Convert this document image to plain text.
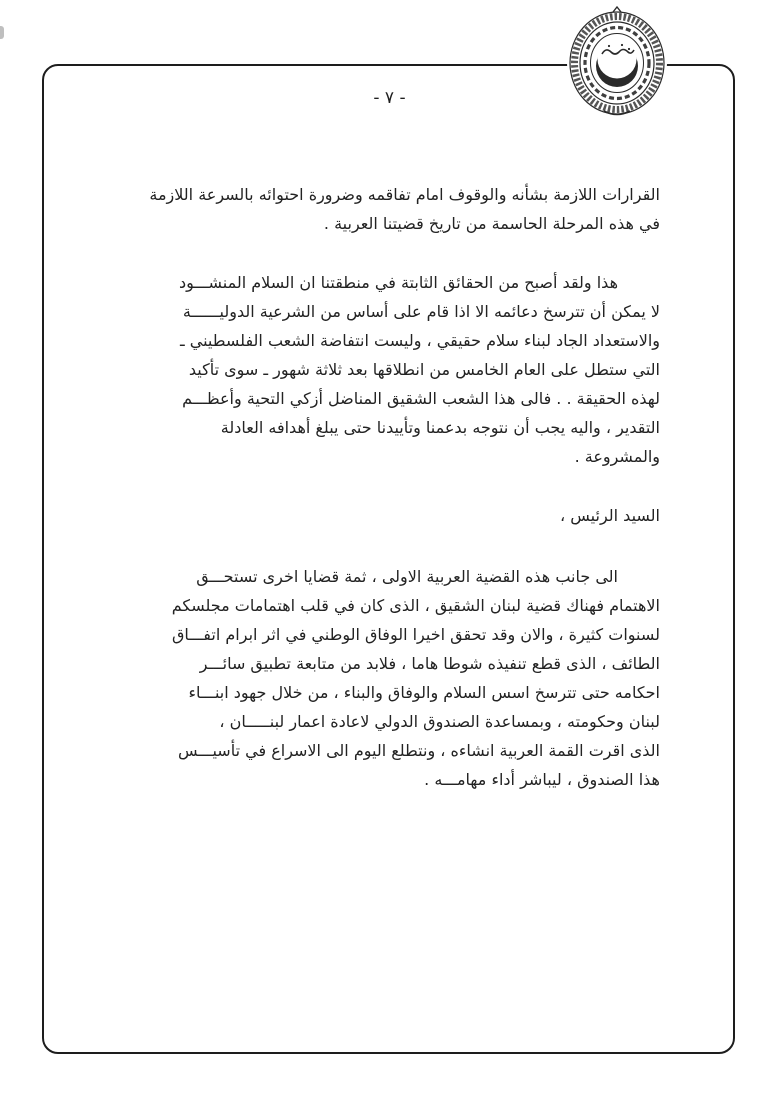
- ٧ -
القرارات اللازمة بشأنه والوقوف امام تفاقمه وضرورة احتوائه بالسرعة اللازمة
في هذه المرحلة الحاسمة من تاريخ قضيتنا العربية .
هذا ولقد أصبح من الحقائق الثابتة في منطقتنا ان السلام المنشـــود
لا يمكن أن تترسخ دعائمه الا اذا قام على أساس من الشرعية الدوليــــــة
والاستعداد الجاد لبناء سلام حقيقي ، وليست انتفاضة الشعب الفلسطيني ـ
التي ستطل على العام الخامس من انطلاقها بعد ثلاثة شهور ـ سوى تأكيد
لهذه الحقيقة . . فالى هذا الشعب الشقيق المناضل أزكي التحية وأعظـــم
التقدير ، واليه يجب أن نتوجه بدعمنا وتأييدنا حتى يبلغ أهدافه العادلة
والمشروعة .
السيد الرئيس ،
الى جانب هذه القضية العربية الاولى ، ثمة قضايا اخرى تستحـــق
الاهتمام فهناك قضية لبنان الشقيق ، الذى كان في قلب اهتمامات مجلسكم
لسنوات كثيرة ، والان وقد تحقق اخيرا الوفاق الوطني في اثر ابرام اتفـــاق
الطائف ، الذى قطع تنفيذه شوطا هاما ، فلابد من متابعة تطبيق سائـــر
احكامه حتى تترسخ اسس السلام والوفاق والبناء ، من خلال جهود ابنـــاء
لبنان وحكومته ، وبمساعدة الصندوق الدولي لاعادة اعمار لبنـــــان ،
الذى اقرت القمة العربية انشاءه ، ونتطلع اليوم الى الاسراع في تأسيـــس
هذا الصندوق ، ليباشر أداء مهامـــه .
